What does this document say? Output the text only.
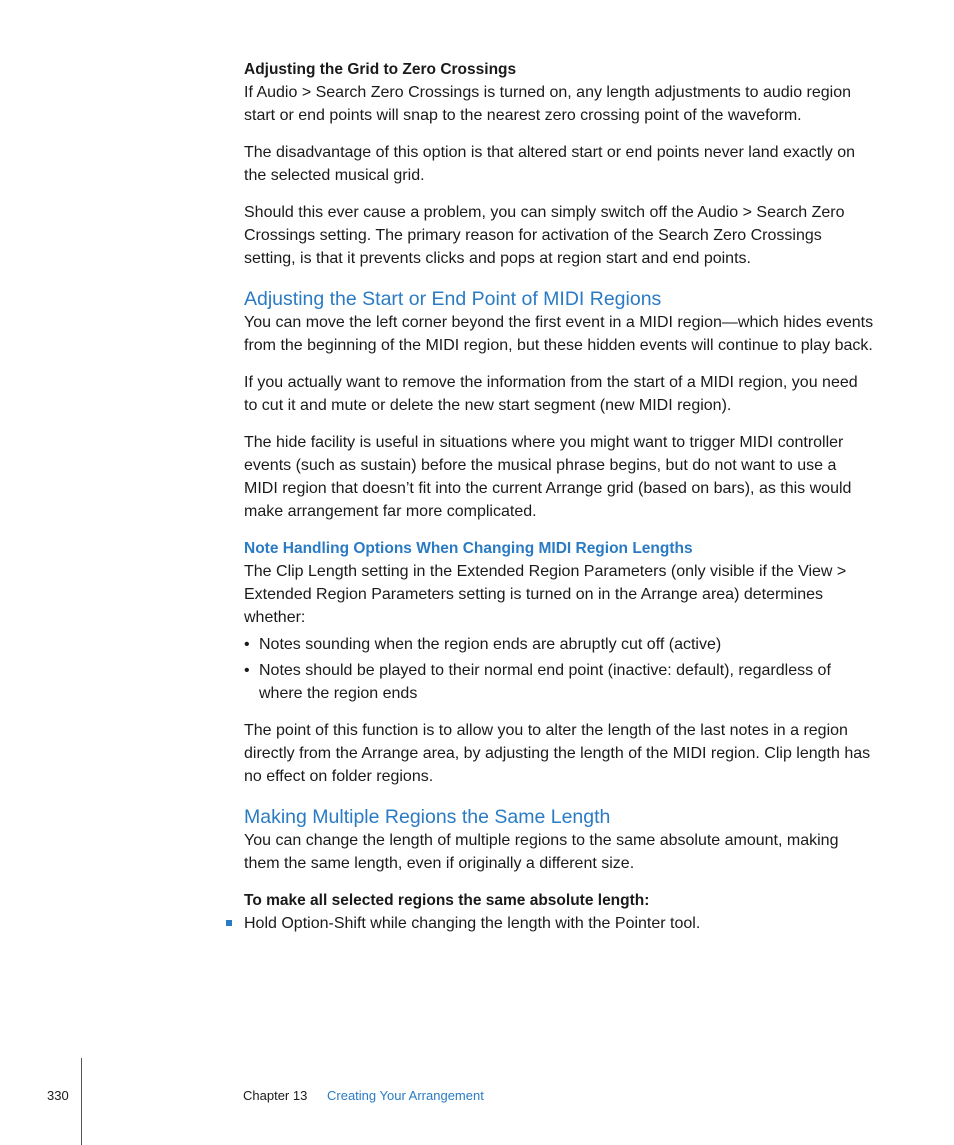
Adjusting the Grid to Zero Crossings

If Audio > Search Zero Crossings is turned on, any length adjustments to audio region start or end points will snap to the nearest zero crossing point of the waveform.

The disadvantage of this option is that altered start or end points never land exactly on the selected musical grid.

Should this ever cause a problem, you can simply switch off the Audio > Search Zero Crossings setting. The primary reason for activation of the Search Zero Crossings setting, is that it prevents clicks and pops at region start and end points.

Adjusting the Start or End Point of MIDI Regions

You can move the left corner beyond the first event in a MIDI region—which hides events from the beginning of the MIDI region, but these hidden events will continue to play back.

If you actually want to remove the information from the start of a MIDI region, you need to cut it and mute or delete the new start segment (new MIDI region).

The hide facility is useful in situations where you might want to trigger MIDI controller events (such as sustain) before the musical phrase begins, but do not want to use a MIDI region that doesn’t fit into the current Arrange grid (based on bars), as this would make arrangement far more complicated.

Note Handling Options When Changing MIDI Region Lengths

The Clip Length setting in the Extended Region Parameters (only visible if the View > Extended Region Parameters setting is turned on in the Arrange area) determines whether:

• Notes sounding when the region ends are abruptly cut off (active)
• Notes should be played to their normal end point (inactive: default), regardless of where the region ends

The point of this function is to allow you to alter the length of the last notes in a region directly from the Arrange area, by adjusting the length of the MIDI region. Clip length has no effect on folder regions.

Making Multiple Regions the Same Length

You can change the length of multiple regions to the same absolute amount, making them the same length, even if originally a different size.

To make all selected regions the same absolute length:

Hold Option-Shift while changing the length with the Pointer tool.
330	Chapter 13 Creating Your Arrangement
